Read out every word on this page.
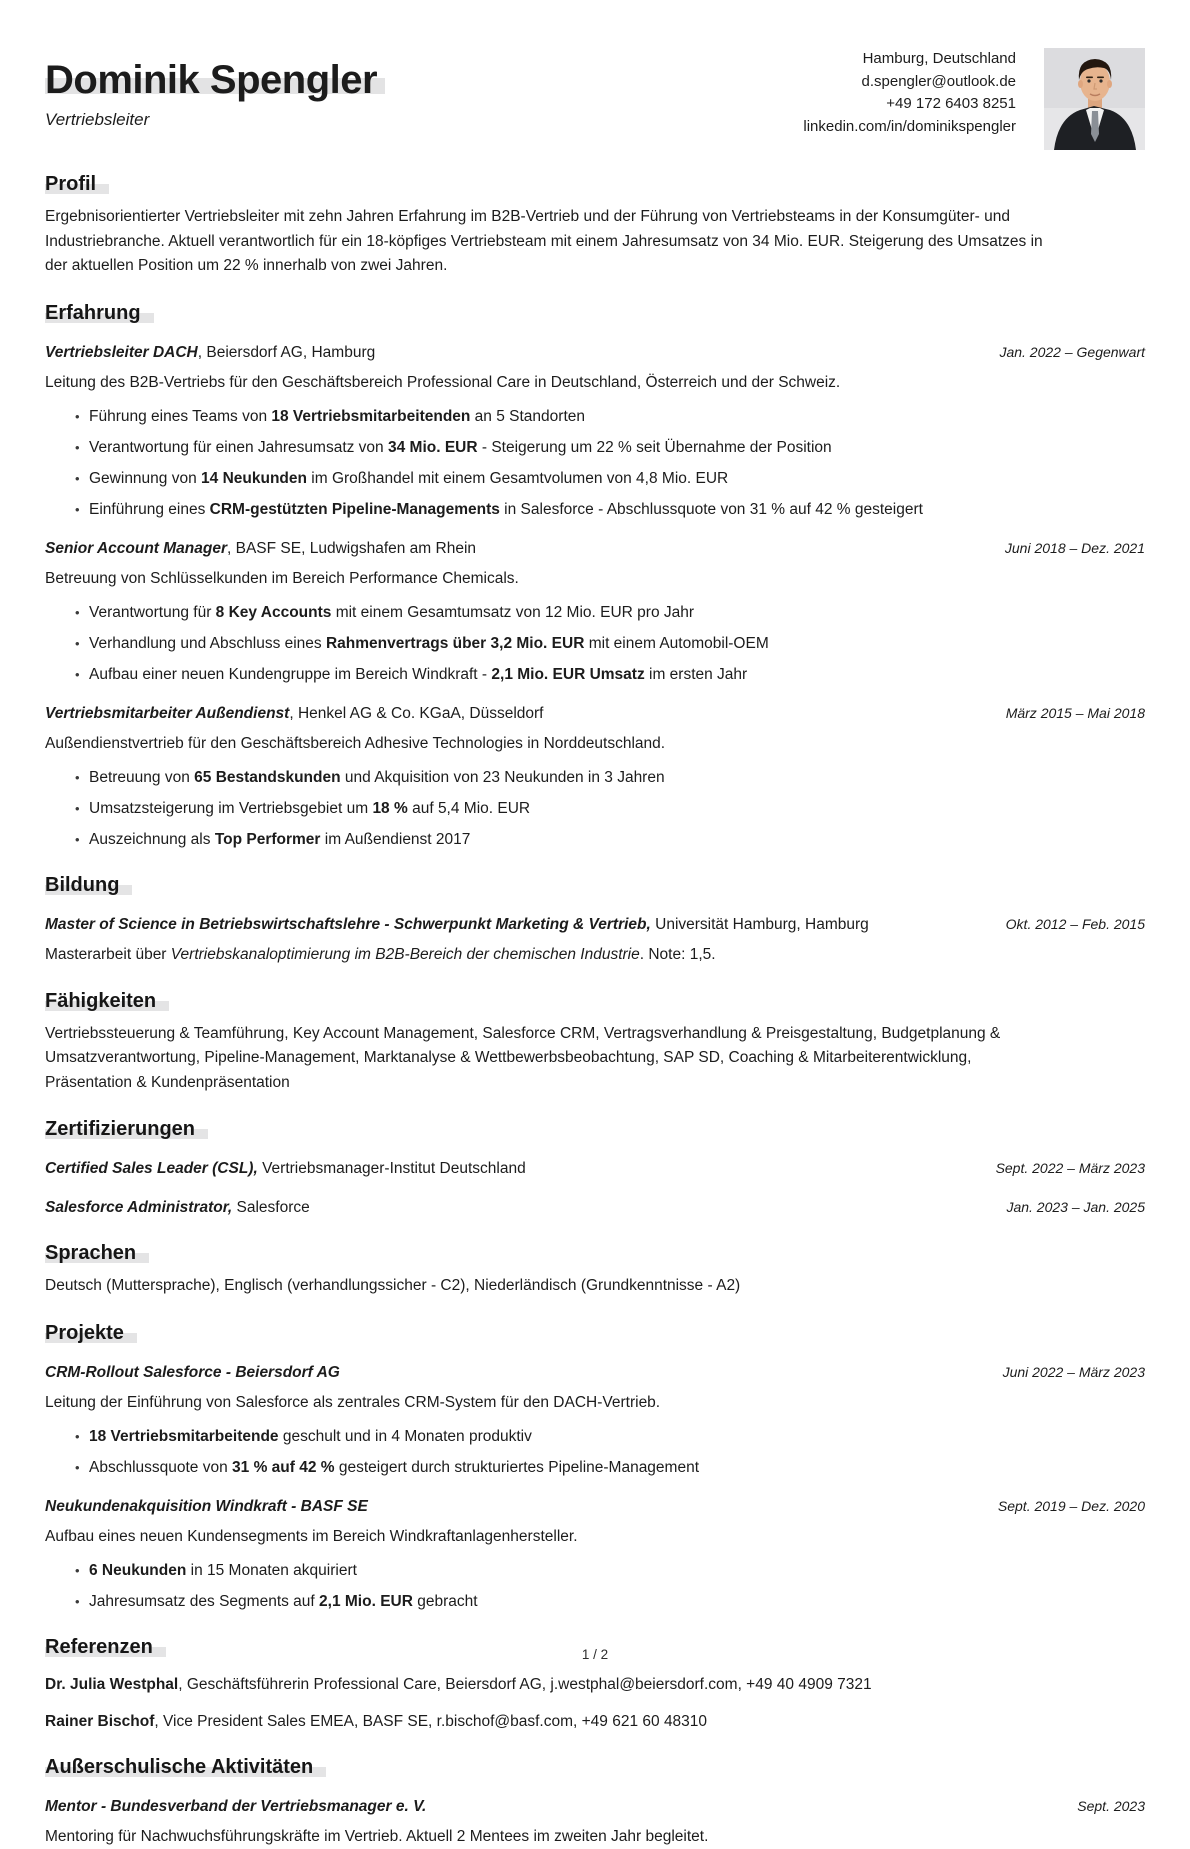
Dominik Spengler
Vertriebsleiter
Hamburg, Deutschland
d.spengler@outlook.de
+49 172 6403 8251
linkedin.com/in/dominikspengler
Profil
Ergebnisorientierter Vertriebsleiter mit zehn Jahren Erfahrung im B2B-Vertrieb und der Führung von Vertriebsteams in der Konsumgüter- und Industriebranche. Aktuell verantwortlich für ein 18-köpfiges Vertriebsteam mit einem Jahresumsatz von 34 Mio. EUR. Steigerung des Umsatzes in der aktuellen Position um 22 % innerhalb von zwei Jahren.
Erfahrung
Vertriebsleiter DACH, Beiersdorf AG, Hamburg	Jan. 2022 – Gegenwart
Leitung des B2B-Vertriebs für den Geschäftsbereich Professional Care in Deutschland, Österreich und der Schweiz.
• Führung eines Teams von 18 Vertriebsmitarbeitenden an 5 Standorten
• Verantwortung für einen Jahresumsatz von 34 Mio. EUR - Steigerung um 22 % seit Übernahme der Position
• Gewinnung von 14 Neukunden im Großhandel mit einem Gesamtvolumen von 4,8 Mio. EUR
• Einführung eines CRM-gestützten Pipeline-Managements in Salesforce - Abschlussquote von 31 % auf 42 % gesteigert
Senior Account Manager, BASF SE, Ludwigshafen am Rhein	Juni 2018 – Dez. 2021
Betreuung von Schlüsselkunden im Bereich Performance Chemicals.
• Verantwortung für 8 Key Accounts mit einem Gesamtumsatz von 12 Mio. EUR pro Jahr
• Verhandlung und Abschluss eines Rahmenvertrags über 3,2 Mio. EUR mit einem Automobil-OEM
• Aufbau einer neuen Kundengruppe im Bereich Windkraft - 2,1 Mio. EUR Umsatz im ersten Jahr
Vertriebsmitarbeiter Außendienst, Henkel AG & Co. KGaA, Düsseldorf	März 2015 – Mai 2018
Außendienstvertrieb für den Geschäftsbereich Adhesive Technologies in Norddeutschland.
• Betreuung von 65 Bestandskunden und Akquisition von 23 Neukunden in 3 Jahren
• Umsatzsteigerung im Vertriebsgebiet um 18 % auf 5,4 Mio. EUR
• Auszeichnung als Top Performer im Außendienst 2017
Bildung
Master of Science in Betriebswirtschaftslehre - Schwerpunkt Marketing & Vertrieb, Universität Hamburg, Hamburg	Okt. 2012 – Feb. 2015
Masterarbeit über Vertriebskanaloptimierung im B2B-Bereich der chemischen Industrie. Note: 1,5.
Fähigkeiten
Vertriebssteuerung & Teamführung, Key Account Management, Salesforce CRM, Vertragsverhandlung & Preisgestaltung, Budgetplanung & Umsatzverantwortung, Pipeline-Management, Marktanalyse & Wettbewerbsbeobachtung, SAP SD, Coaching & Mitarbeiterentwicklung, Präsentation & Kundenpräsentation
Zertifizierungen
Certified Sales Leader (CSL), Vertriebsmanager-Institut Deutschland	Sept. 2022 – März 2023
Salesforce Administrator, Salesforce	Jan. 2023 – Jan. 2025
Sprachen
Deutsch (Muttersprache), Englisch (verhandlungssicher - C2), Niederländisch (Grundkenntnisse - A2)
Projekte
CRM-Rollout Salesforce - Beiersdorf AG	Juni 2022 – März 2023
Leitung der Einführung von Salesforce als zentrales CRM-System für den DACH-Vertrieb.
• 18 Vertriebsmitarbeitende geschult und in 4 Monaten produktiv
• Abschlussquote von 31 % auf 42 % gesteigert durch strukturiertes Pipeline-Management
Neukundenakquisition Windkraft - BASF SE	Sept. 2019 – Dez. 2020
Aufbau eines neuen Kundensegments im Bereich Windkraftanlagenhersteller.
• 6 Neukunden in 15 Monaten akquiriert
• Jahresumsatz des Segments auf 2,1 Mio. EUR gebracht
Referenzen
Dr. Julia Westphal, Geschäftsführerin Professional Care, Beiersdorf AG, j.westphal@beiersdorf.com, +49 40 4909 7321
Rainer Bischof, Vice President Sales EMEA, BASF SE, r.bischof@basf.com, +49 621 60 48310
Außerschulische Aktivitäten
Mentor - Bundesverband der Vertriebsmanager e. V.	Sept. 2023
Mentoring für Nachwuchsführungskräfte im Vertrieb. Aktuell 2 Mentees im zweiten Jahr begleitet.
1 / 2
